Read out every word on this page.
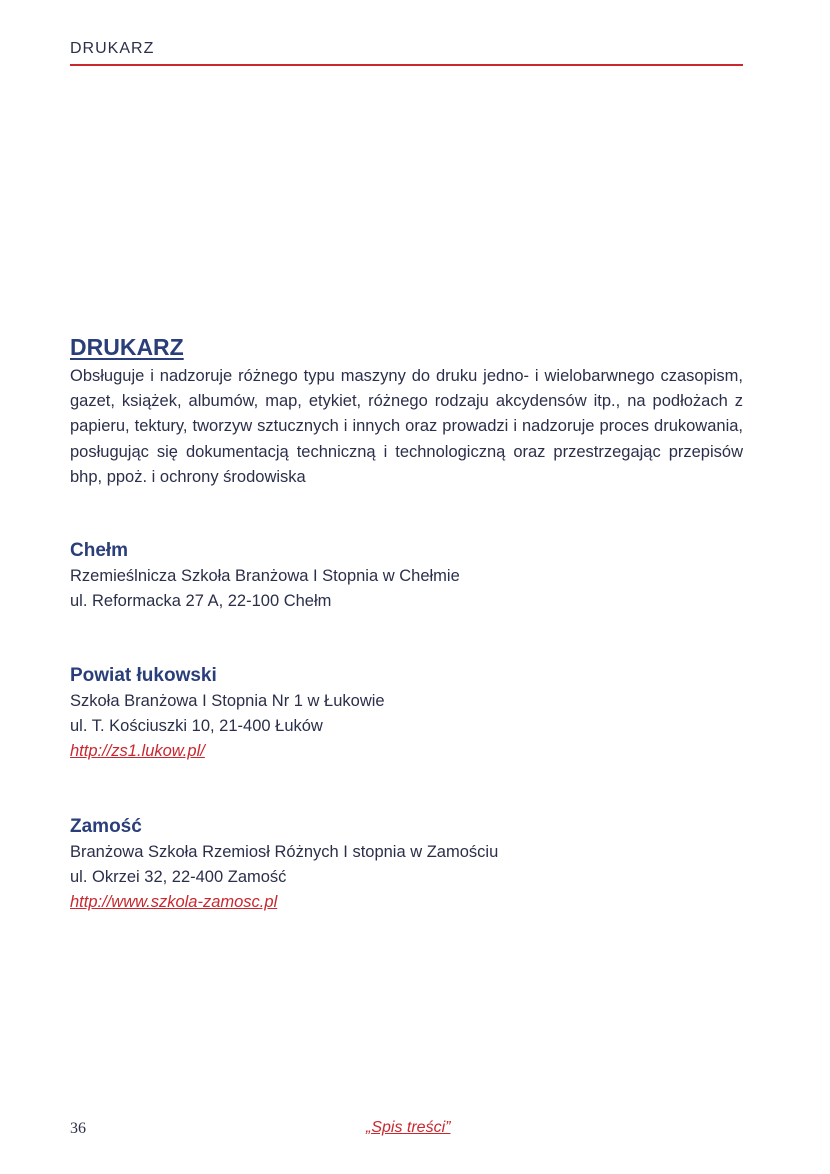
DRUKARZ
DRUKARZ

Obsługuje i nadzoruje różnego typu maszyny do druku jedno- i wielobarwnego czasopism, gazet, książek, albumów, map, etykiet, różnego rodzaju akcydensów itp., na podłożach z papieru, tektury, tworzyw sztucznych i innych oraz prowadzi i nadzoruje proces drukowania, posługując się dokumentacją techniczną i technologiczną oraz przestrzegając przepisów bhp, ppoż. i ochrony środowiska

Chełm
Rzemieślnicza Szkoła Branżowa I Stopnia w Chełmie
ul. Reformacka 27 A, 22-100 Chełm
Powiat łukowski
Szkoła Branżowa I Stopnia Nr 1 w Łukowie
ul. T. Kościuszki 10, 21-400 Łuków
http://zs1.lukow.pl/
Zamość
Branżowa Szkoła Rzemiosł Różnych I stopnia w Zamościu
ul. Okrzei 32, 22-400 Zamość
http://www.szkola-zamosc.pl
36	„Spis treści”
